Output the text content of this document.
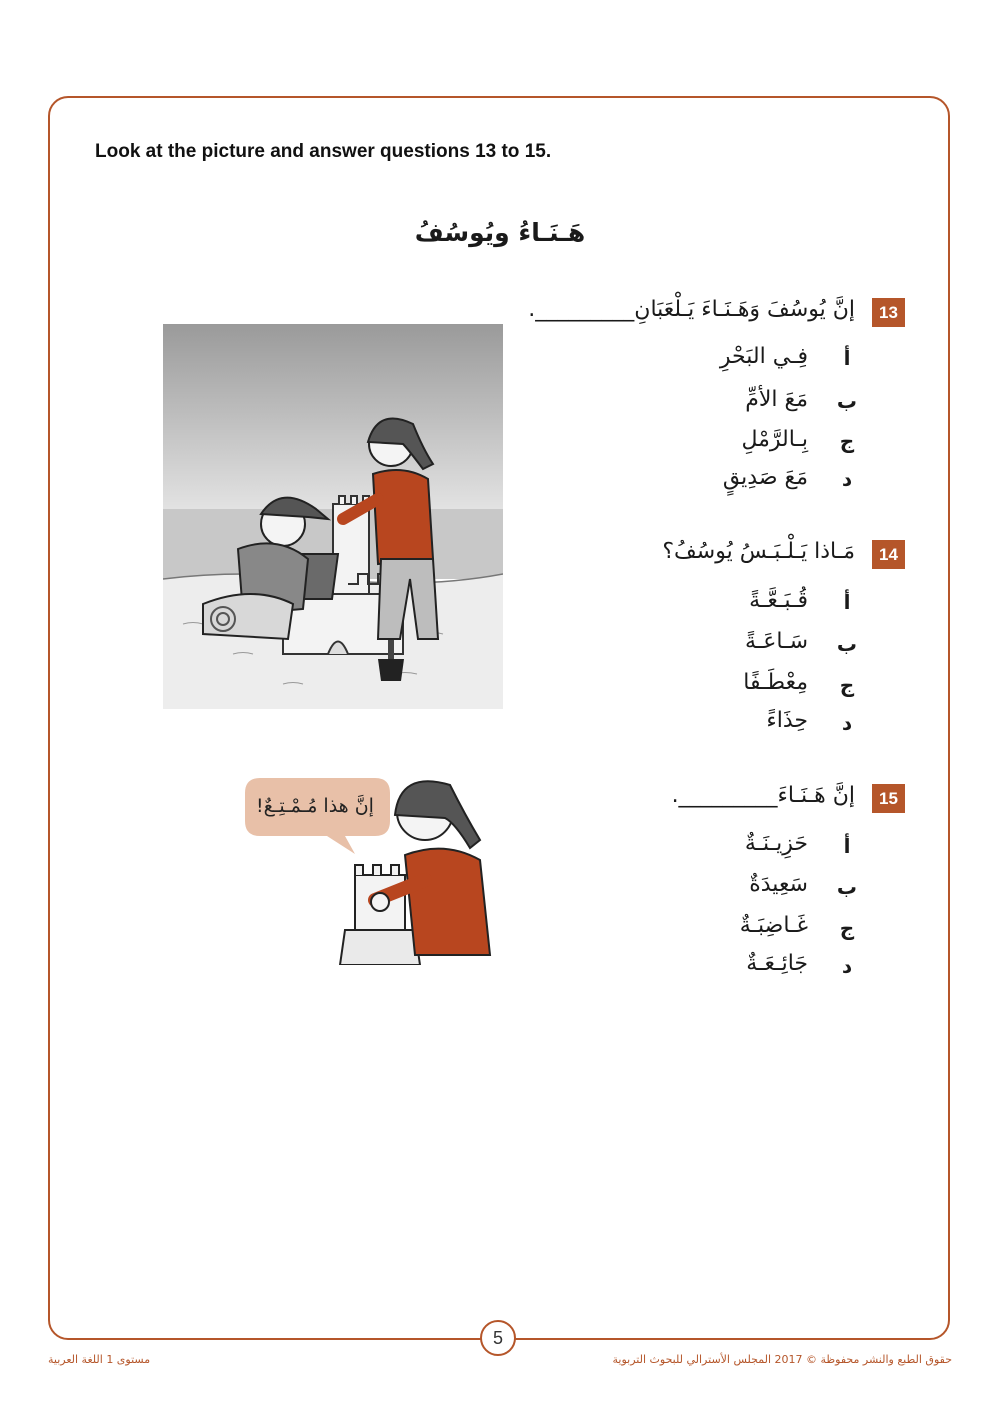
Look at the picture and answer questions 13 to 15.
هَـنَـاءُ ويُوسُفُ
13
إنَّ يُوسُفَ وَهَـنَـاءَ يَـلْعَبَانِ_________.
أ
فِـي البَحْرِ
ب
مَعَ الأمِّ
ج
بِـالرَّمْلِ
د
مَعَ صَدِيقٍ
14
مَـاذا يَـلْـبَـسُ يُوسُفُ؟
أ
قُـبَـعَّـةً
ب
سَـاعَـةً
ج
مِعْطَـفًا
د
حِذَاءً
15
إنَّ هَـنَـاءَ_________.
أ
حَزِيـنَـةٌ
ب
سَعِيدَةٌ
ج
غَـاضِبَـةٌ
د
جَائِـعَـةٌ
إنَّ هذا مُـمْـتِـعٌ!
5
مستوى 1 اللغة العربية	حقوق الطبع والنشر محفوظة © 2017 المجلس الأسترالي للبحوث التربوية
